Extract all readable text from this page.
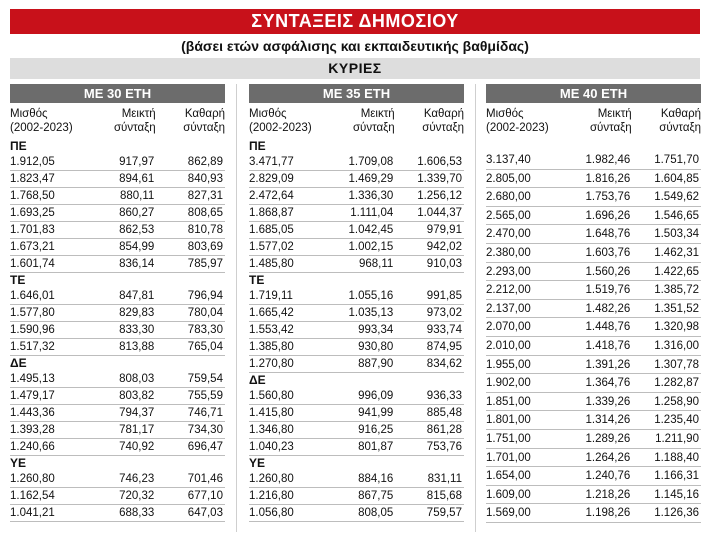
ΣΥΝΤΑΞΕΙΣ ΔΗΜΟΣΙΟΥ
(βάσει ετών ασφάλισης και εκπαιδευτικής βαθμίδας)
ΚΥΡΙΕΣ
ΜΕ 30 ΕΤΗ
Μισθός
(2002-2023)
Μεικτή
σύνταξη
Καθαρή
σύνταξη
ΠΕ
1.912,05	917,97	862,89
1.823,47	894,61	840,93
1.768,50	880,11	827,31
1.693,25	860,27	808,65
1.701,83	862,53	810,78
1.673,21	854,99	803,69
1.601,74	836,14	785,97
ΤΕ
1.646,01	847,81	796,94
1.577,80	829,83	780,04
1.590,96	833,30	783,30
1.517,32	813,88	765,04
ΔΕ
1.495,13	808,03	759,54
1.479,17	803,82	755,59
1.443,36	794,37	746,71
1.393,28	781,17	734,30
1.240,66	740,92	696,47
ΥΕ
1.260,80	746,23	701,46
1.162,54	720,32	677,10
1.041,21	688,33	647,03
ΜΕ 35 ΕΤΗ
Μισθός
(2002-2023)
Μεικτή
σύνταξη
Καθαρή
σύνταξη
ΠΕ
3.471,77	1.709,08	1.606,53
2.829,09	1.469,29	1.339,70
2.472,64	1.336,30	1.256,12
1.868,87	1.111,04	1.044,37
1.685,05	1.042,45	979,91
1.577,02	1.002,15	942,02
1.485,80	968,11	910,03
ΤΕ
1.719,11	1.055,16	991,85
1.665,42	1.035,13	973,02
1.553,42	993,34	933,74
1.385,80	930,80	874,95
1.270,80	887,90	834,62
ΔΕ
1.560,80	996,09	936,33
1.415,80	941,99	885,48
1.346,80	916,25	861,28
1.040,23	801,87	753,76
ΥΕ
1.260,80	884,16	831,11
1.216,80	867,75	815,68
1.056,80	808,05	759,57
ΜΕ 40 ΕΤΗ
Μισθός
(2002-2023)
Μεικτή
σύνταξη
Καθαρή
σύνταξη
3.137,40	1.982,46	1.751,70
2.805,00	1.816,26	1.604,85
2.680,00	1.753,76	1.549,62
2.565,00	1.696,26	1.546,65
2.470,00	1.648,76	1.503,34
2.380,00	1.603,76	1.462,31
2.293,00	1.560,26	1.422,65
2.212,00	1.519,76	1.385,72
2.137,00	1.482,26	1.351,52
2.070,00	1.448,76	1.320,98
2.010,00	1.418,76	1.316,00
1.955,00	1.391,26	1.307,78
1.902,00	1.364,76	1.282,87
1.851,00	1.339,26	1.258,90
1.801,00	1.314,26	1.235,40
1.751,00	1.289,26	1.211,90
1.701,00	1.264,26	1.188,40
1.654,00	1.240,76	1.166,31
1.609,00	1.218,26	1.145,16
1.569,00	1.198,26	1.126,36
